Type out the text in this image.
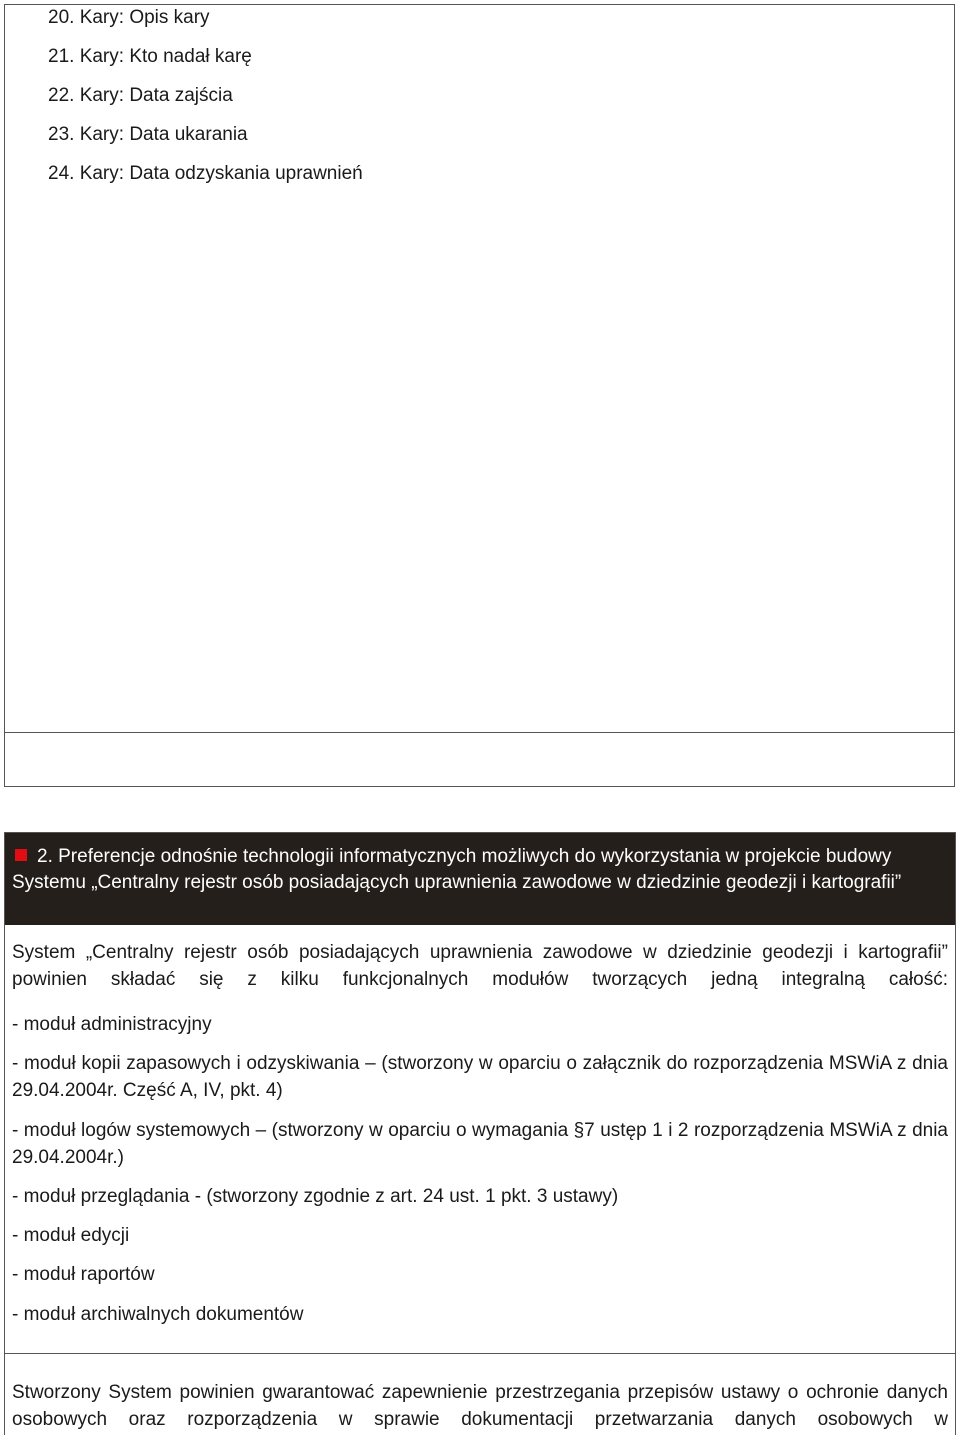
20. Kary: Opis kary
21. Kary: Kto nadał karę
22. Kary: Data zajścia
23. Kary: Data ukarania
24. Kary: Data odzyskania uprawnień
2. Preferencje odnośnie technologii informatycznych możliwych do wykorzystania w projekcie budowy Systemu „Centralny rejestr osób posiadających uprawnienia zawodowe w dziedzinie geodezji i kartografii”
System „Centralny rejestr osób posiadających uprawnienia zawodowe w dziedzinie geodezji i kartografii” powinien składać się z kilku funkcjonalnych modułów tworzących jedną integralną całość:
- moduł administracyjny
- moduł kopii zapasowych i odzyskiwania – (stworzony w oparciu o załącznik do rozporządzenia MSWiA z dnia 29.04.2004r. Część A, IV, pkt. 4)
- moduł logów systemowych – (stworzony w oparciu o wymagania §7 ustęp 1 i 2 rozporządzenia MSWiA z dnia 29.04.2004r.)
- moduł przeglądania - (stworzony zgodnie z art. 24 ust. 1 pkt. 3 ustawy)
- moduł edycji
- moduł raportów
- moduł archiwalnych dokumentów
Stworzony System powinien gwarantować zapewnienie przestrzegania przepisów ustawy o ochronie danych osobowych oraz rozporządzenia w sprawie dokumentacji przetwarzania danych osobowych w
